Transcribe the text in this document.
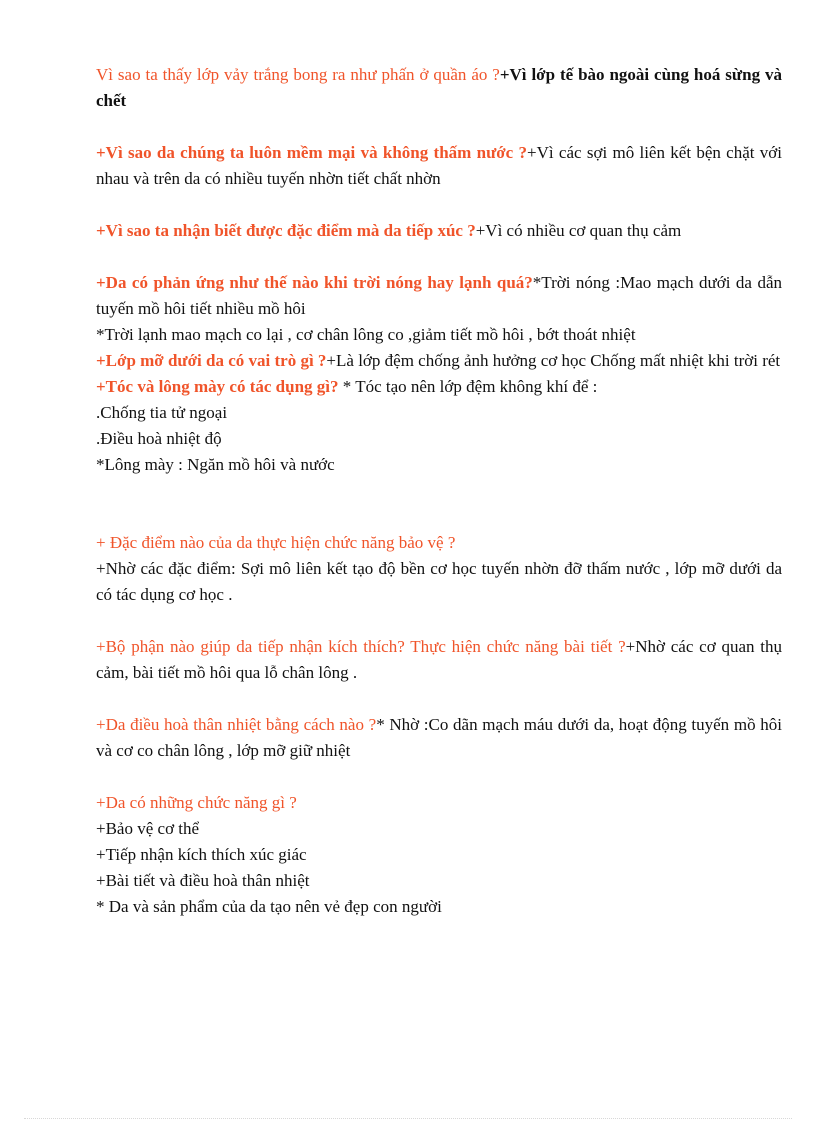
Vì sao ta thấy lớp vảy trắng bong ra như phấn ở quần áo ?+Vì lớp tế bào ngoài cùng hoá sừng và chết

+Vì sao da chúng ta luôn mềm mại và không thấm nước ?+Vì các sợi mô liên kết bện chặt với nhau và trên da có nhiều tuyến nhờn tiết chất nhờn

+Vì sao ta nhận biết được đặc điểm mà da tiếp xúc ?+Vì có nhiều cơ quan thụ cảm

+Da có phản ứng như thế nào khi trời nóng hay lạnh quá?*Trời nóng :Mao mạch dưới da dẫn tuyến mồ hôi tiết nhiều mồ hôi

*Trời lạnh mao mạch co lại , cơ chân lông co ,giảm tiết mồ hôi , bớt thoát nhiệt

+Lớp mỡ dưới da có vai trò gì ?+Là lớp đệm chống ảnh hưởng cơ học Chống mất nhiệt khi trời rét

+Tóc và lông mày có tác dụng gì? * Tóc tạo nên lớp đệm không khí để :

.Chống tia tử ngoại

.Điều hoà nhiệt độ

*Lông mày : Ngăn mồ hôi và nước

+ Đặc điểm nào của da thực hiện chức năng bảo vệ ?

+Nhờ các đặc điểm: Sợi mô liên kết tạo độ bền cơ học tuyến nhờn đỡ thấm nước , lớp mỡ dưới da có tác dụng cơ học .

+Bộ phận nào giúp da tiếp nhận kích thích? Thực hiện chức năng bài tiết ?+Nhờ các cơ quan thụ cảm, bài tiết mồ hôi qua lỗ chân lông .

+Da điều hoà thân nhiệt bằng cách nào ?* Nhờ :Co dãn mạch máu dưới da, hoạt động tuyến mồ hôi và cơ co chân lông , lớp mỡ giữ nhiệt

+Da có những chức năng gì ?

+Bảo vệ cơ thể

+Tiếp nhận kích thích xúc giác

+Bài tiết và điều hoà thân nhiệt

* Da và sản phẩm của da tạo nên vẻ đẹp con người
